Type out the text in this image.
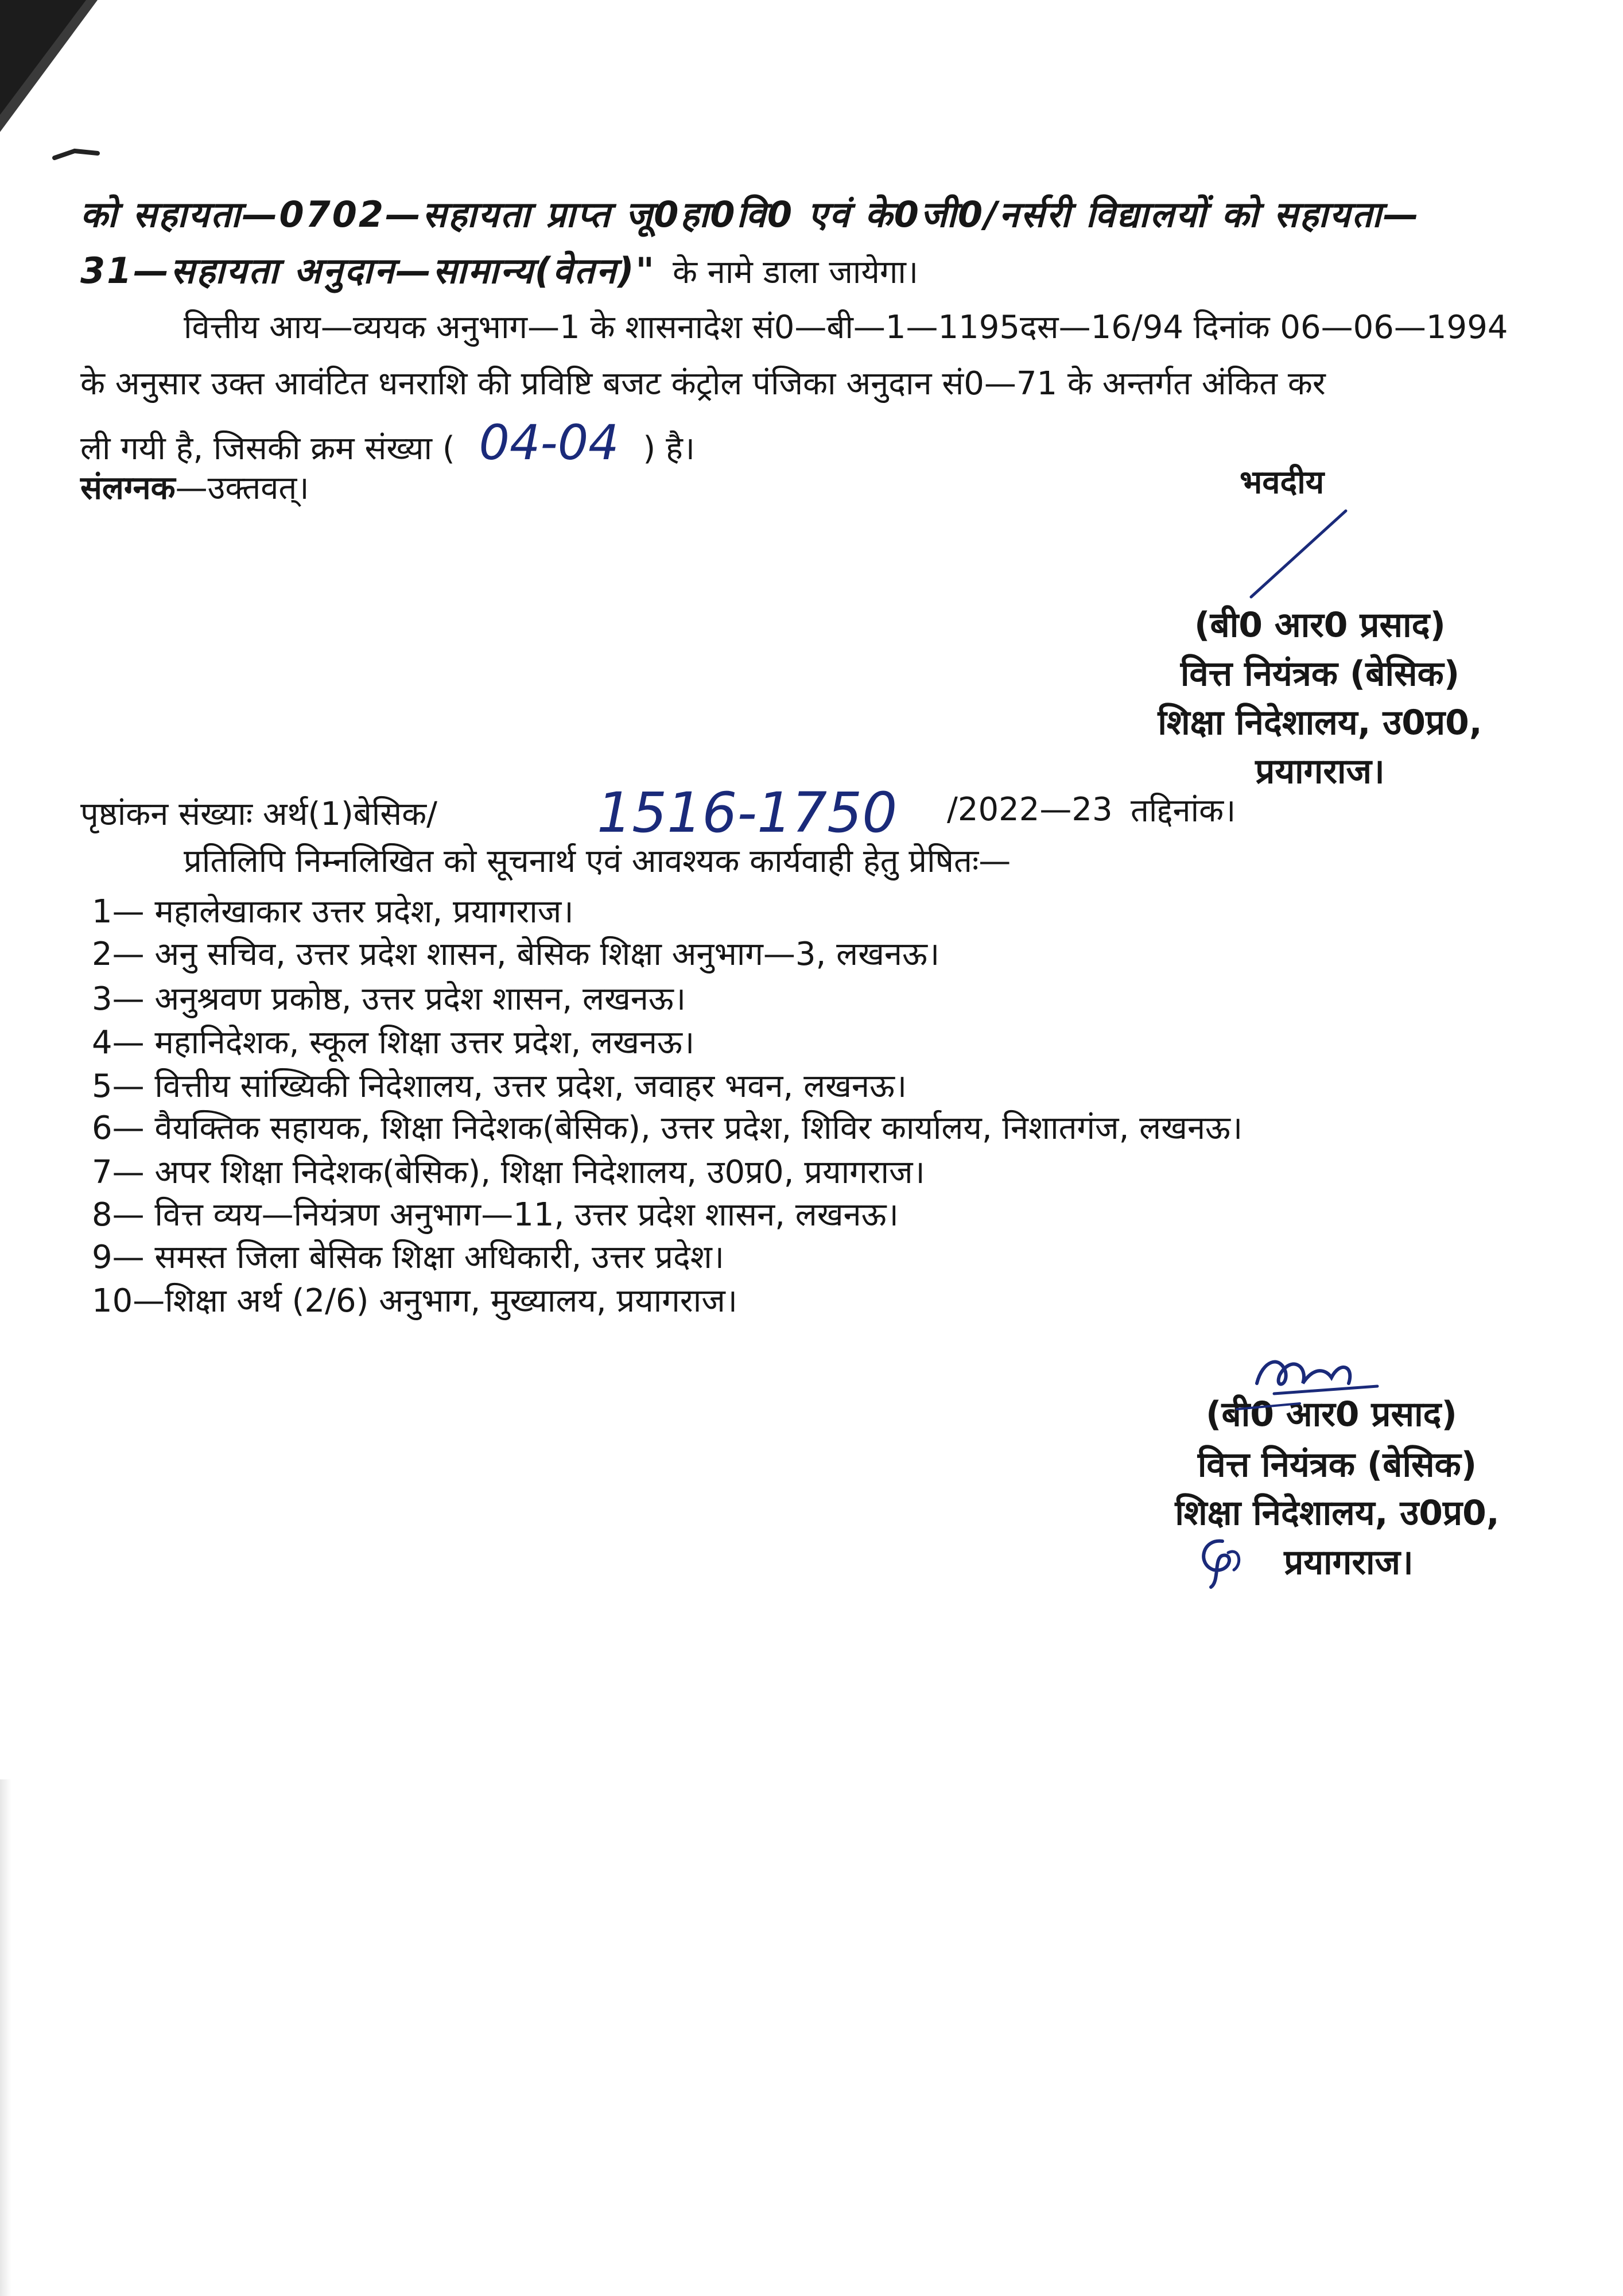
को सहायता—0702—सहायता प्राप्त जू0हा0वि0 एवं के0जी0/नर्सरी विद्यालयों को सहायता—
31—सहायता अनुदान—सामान्य(वेतन)" के नामे डाला जायेगा।
वित्तीय आय—व्ययक अनुभाग—1 के शासनादेश सं0—बी—1—1195दस—16/94 दिनांक 06—06—1994
के अनुसार उक्त आवंटित धनराशि की प्रविष्टि बजट कंट्रोल पंजिका अनुदान सं0—71 के अन्तर्गत अंकित कर
ली गयी है, जिसकी क्रम संख्या ( 04-04 ) है।
संलग्नक—उक्तवत्।	भवदीय
(बी0 आर0 प्रसाद)
वित्त नियंत्रक (बेसिक)
शिक्षा निदेशालय, उ0प्र0,
प्रयागराज।
पृष्ठांकन संख्याः अर्थ(1)बेसिक/	1516-1750 /2022—23 तद्दिनांक।
प्रतिलिपि निम्नलिखित को सूचनार्थ एवं आवश्यक कार्यवाही हेतु प्रेषितः—
1— महालेखाकार उत्तर प्रदेश, प्रयागराज।
2— अनु सचिव, उत्तर प्रदेश शासन, बेसिक शिक्षा अनुभाग—3, लखनऊ।
3— अनुश्रवण प्रकोष्ठ, उत्तर प्रदेश शासन, लखनऊ।
4— महानिदेशक, स्कूल शिक्षा उत्तर प्रदेश, लखनऊ।
5— वित्तीय सांख्यिकी निदेशालय, उत्तर प्रदेश, जवाहर भवन, लखनऊ।
6— वैयक्तिक सहायक, शिक्षा निदेशक(बेसिक), उत्तर प्रदेश, शिविर कार्यालय, निशातगंज, लखनऊ।
7— अपर शिक्षा निदेशक(बेसिक), शिक्षा निदेशालय, उ0प्र0, प्रयागराज।
8— वित्त व्यय—नियंत्रण अनुभाग—11, उत्तर प्रदेश शासन, लखनऊ।
9— समस्त जिला बेसिक शिक्षा अधिकारी, उत्तर प्रदेश।
10—शिक्षा अर्थ (2/6) अनुभाग, मुख्यालय, प्रयागराज।
(बी0 आर0 प्रसाद)
वित्त नियंत्रक (बेसिक)
शिक्षा निदेशालय, उ0प्र0,
प्रयागराज।
